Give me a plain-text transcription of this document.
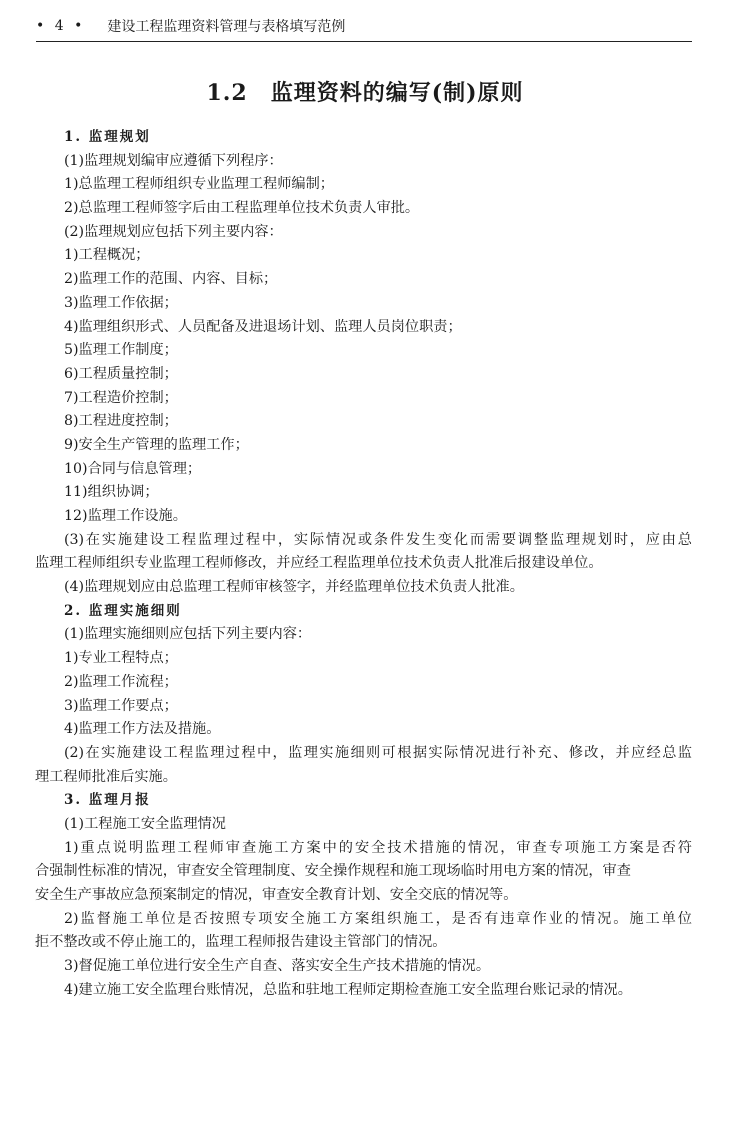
• 4 • 建设工程监理资料管理与表格填写范例
1.2　监理资料的编写(制)原则
1. 监理规划
(1)监理规划编审应遵循下列程序：
1)总监理工程师组织专业监理工程师编制；
2)总监理工程师签字后由工程监理单位技术负责人审批。
(2)监理规划应包括下列主要内容：
1)工程概况；
2)监理工作的范围、内容、目标；
3)监理工作依据；
4)监理组织形式、人员配备及进退场计划、监理人员岗位职责；
5)监理工作制度；
6)工程质量控制；
7)工程造价控制；
8)工程进度控制；
9)安全生产管理的监理工作；
10)合同与信息管理；
11)组织协调；
12)监理工作设施。
(3)在实施建设工程监理过程中，实际情况或条件发生变化而需要调整监理规划时，应由总
监理工程师组织专业监理工程师修改，并应经工程监理单位技术负责人批准后报建设单位。
(4)监理规划应由总监理工程师审核签字，并经监理单位技术负责人批准。
2. 监理实施细则
(1)监理实施细则应包括下列主要内容：
1)专业工程特点；
2)监理工作流程；
3)监理工作要点；
4)监理工作方法及措施。
(2)在实施建设工程监理过程中，监理实施细则可根据实际情况进行补充、修改，并应经总监
理工程师批准后实施。
3. 监理月报
(1)工程施工安全监理情况
1)重点说明监理工程师审查施工方案中的安全技术措施的情况，审查专项施工方案是否符
合强制性标准的情况，审查安全管理制度、安全操作规程和施工现场临时用电方案的情况，审查
安全生产事故应急预案制定的情况，审查安全教育计划、安全交底的情况等。
2)监督施工单位是否按照专项安全施工方案组织施工，是否有违章作业的情况。施工单位
拒不整改或不停止施工的，监理工程师报告建设主管部门的情况。
3)督促施工单位进行安全生产自查、落实安全生产技术措施的情况。
4)建立施工安全监理台账情况，总监和驻地工程师定期检查施工安全监理台账记录的情况。
